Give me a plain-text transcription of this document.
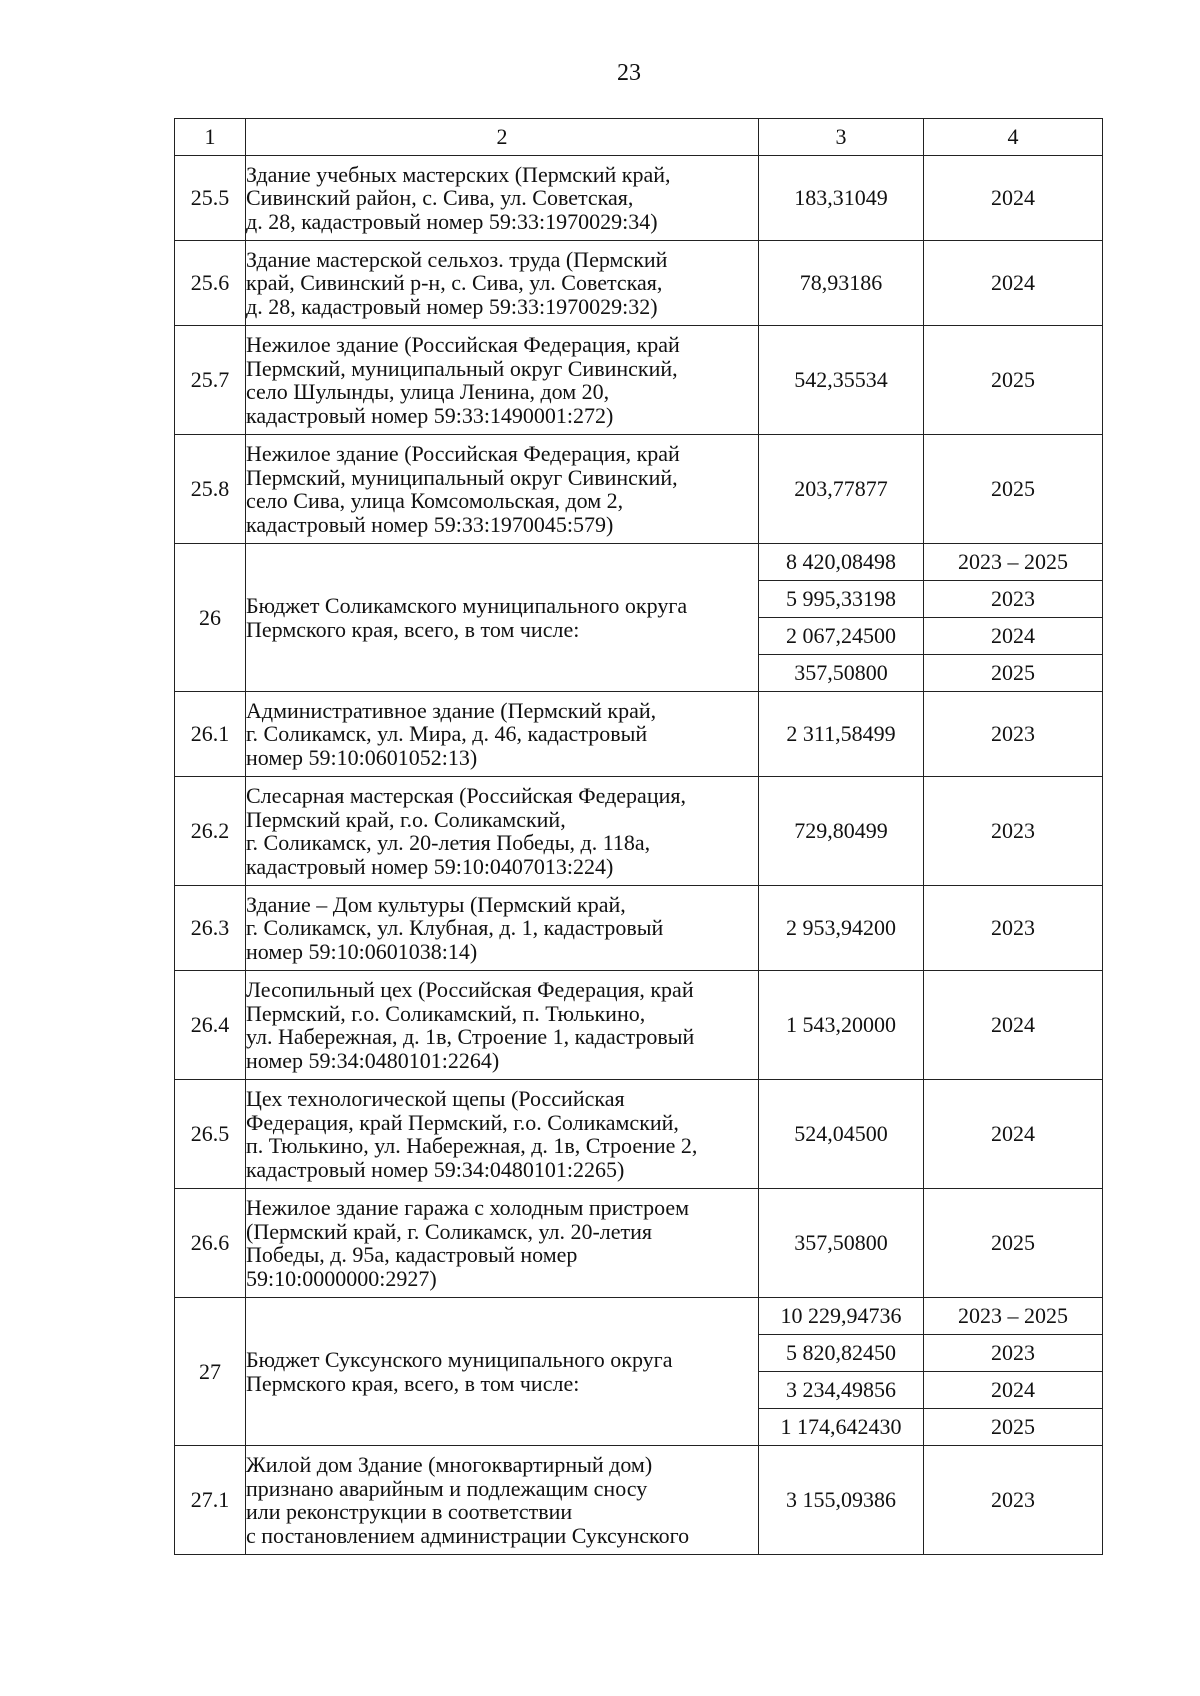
23
1	2	3	4
25.5	Здание учебных мастерских (Пермский край,
Сивинский район, с. Сива, ул. Советская,
д. 28, кадастровый номер 59:33:1970029:34)	183,31049	2024
25.6	Здание мастерской сельхоз. труда (Пермский
край, Сивинский р-н, с. Сива, ул. Советская,
д. 28, кадастровый номер 59:33:1970029:32)	78,93186	2024
25.7	Нежилое здание (Российская Федерация, край
Пермский, муниципальный округ Сивинский,
село Шулынды, улица Ленина, дом 20,
кадастровый номер 59:33:1490001:272)	542,35534	2025
25.8	Нежилое здание (Российская Федерация, край
Пермский, муниципальный округ Сивинский,
село Сива, улица Комсомольская, дом 2,
кадастровый номер 59:33:1970045:579)	203,77877	2025
26	Бюджет Соликамского муниципального округа
Пермского края, всего, в том числе:	8 420,08498	2023 – 2025
		5 995,33198	2023
		2 067,24500	2024
		357,50800	2025
26.1	Административное здание (Пермский край,
г. Соликамск, ул. Мира, д. 46, кадастровый
номер 59:10:0601052:13)	2 311,58499	2023
26.2	Слесарная мастерская (Российская Федерация,
Пермский край, г.о. Соликамский,
г. Соликамск, ул. 20-летия Победы, д. 118а,
кадастровый номер 59:10:0407013:224)	729,80499	2023
26.3	Здание – Дом культуры (Пермский край,
г. Соликамск, ул. Клубная, д. 1, кадастровый
номер 59:10:0601038:14)	2 953,94200	2023
26.4	Лесопильный цех (Российская Федерация, край
Пермский, г.о. Соликамский, п. Тюлькино,
ул. Набережная, д. 1в, Строение 1, кадастровый
номер 59:34:0480101:2264)	1 543,20000	2024
26.5	Цех технологической щепы (Российская
Федерация, край Пермский, г.о. Соликамский,
п. Тюлькино, ул. Набережная, д. 1в, Строение 2,
кадастровый номер 59:34:0480101:2265)	524,04500	2024
26.6	Нежилое здание гаража с холодным пристроем
(Пермский край, г. Соликамск, ул. 20-летия
Победы, д. 95а, кадастровый номер
59:10:0000000:2927)	357,50800	2025
27	Бюджет Суксунского муниципального округа
Пермского края, всего, в том числе:	10 229,94736	2023 – 2025
		5 820,82450	2023
		3 234,49856	2024
		1 174,642430	2025
27.1	Жилой дом Здание (многоквартирный дом)
признано аварийным и подлежащим сносу
или реконструкции в соответствии
с постановлением администрации Суксунского	3 155,09386	2023
